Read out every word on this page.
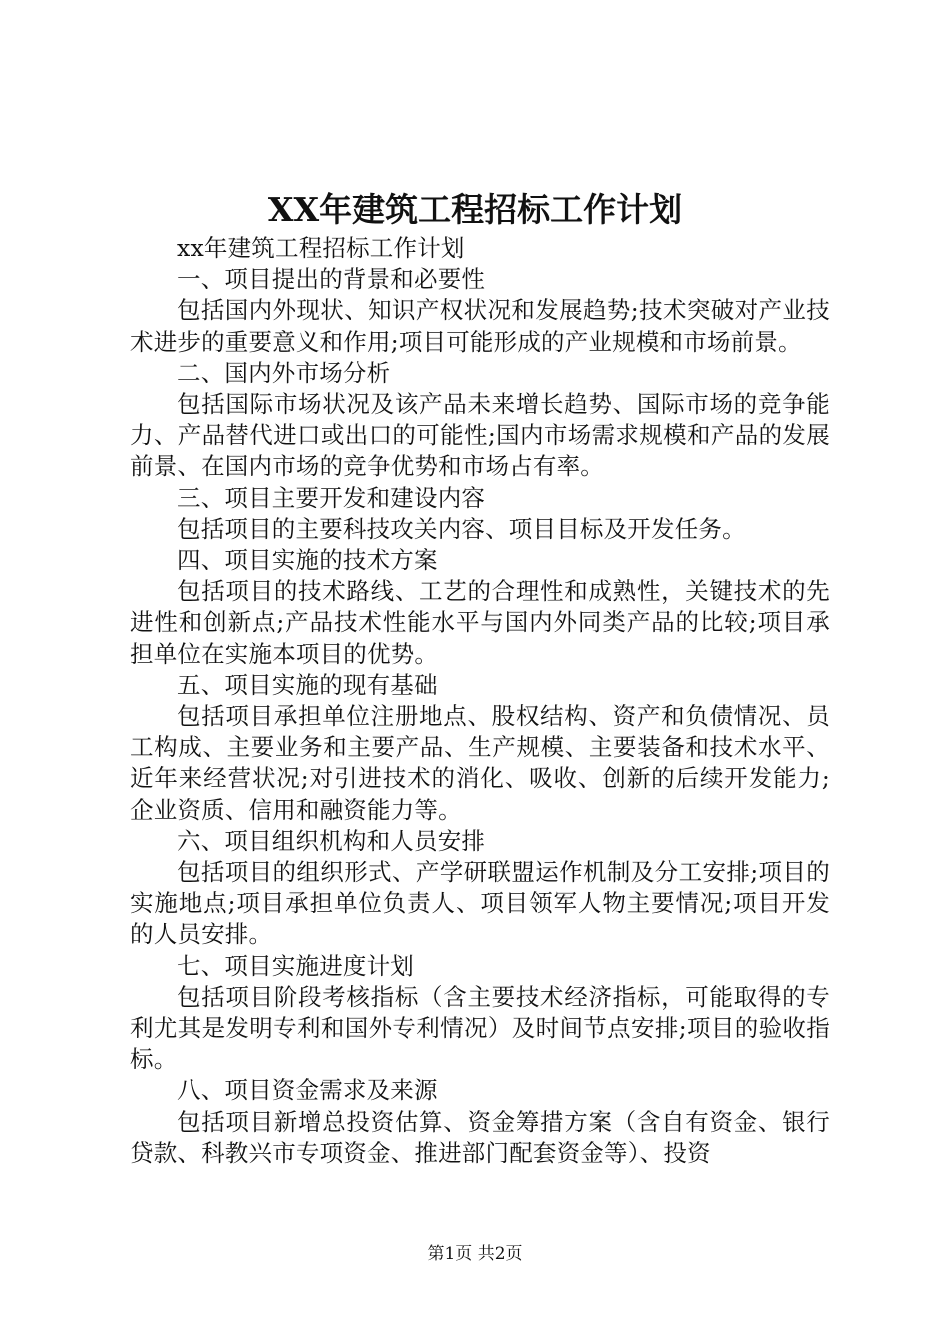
XX年建筑工程招标工作计划

xx年建筑工程招标工作计划

一、项目提出的背景和必要性

包括国内外现状、知识产权状况和发展趋势;技术突破对产业技术进步的重要意义和作用;项目可能形成的产业规模和市场前景。

二、国内外市场分析

包括国际市场状况及该产品未来增长趋势、国际市场的竞争能力、产品替代进口或出口的可能性;国内市场需求规模和产品的发展前景、在国内市场的竞争优势和市场占有率。

三、项目主要开发和建设内容

包括项目的主要科技攻关内容、项目目标及开发任务。

四、项目实施的技术方案

包括项目的技术路线、工艺的合理性和成熟性，关键技术的先进性和创新点;产品技术性能水平与国内外同类产品的比较;项目承担单位在实施本项目的优势。

五、项目实施的现有基础

包括项目承担单位注册地点、股权结构、资产和负债情况、员工构成、主要业务和主要产品、生产规模、主要装备和技术水平、近年来经营状况;对引进技术的消化、吸收、创新的后续开发能力;企业资质、信用和融资能力等。

六、项目组织机构和人员安排

包括项目的组织形式、产学研联盟运作机制及分工安排;项目的实施地点;项目承担单位负责人、项目领军人物主要情况;项目开发的人员安排。

七、项目实施进度计划

包括项目阶段考核指标（含主要技术经济指标，可能取得的专利尤其是发明专利和国外专利情况）及时间节点安排;项目的验收指标。

八、项目资金需求及来源

包括项目新增总投资估算、资金筹措方案（含自有资金、银行贷款、科教兴市专项资金、推进部门配套资金等）、投资

第1页 共2页
